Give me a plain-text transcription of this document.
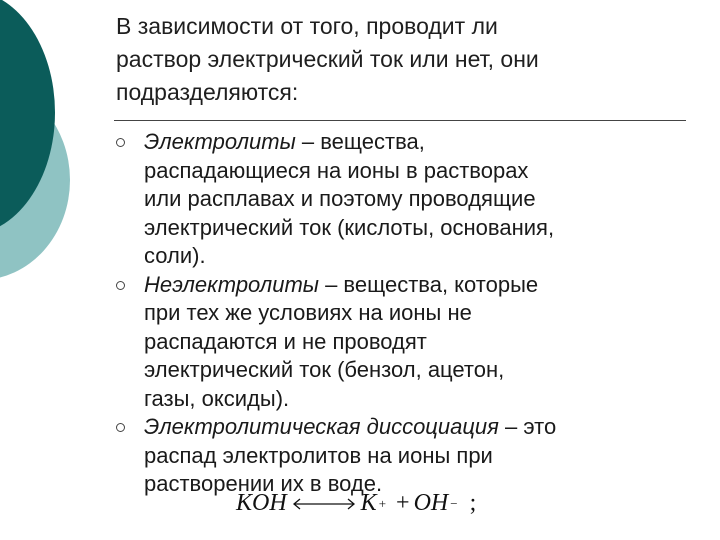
В зависимости от того, проводит ли
раствор электрический ток или нет, они
подразделяются:
Электролиты – вещества,
распадающиеся на ионы в растворах
или расплавах и поэтому проводящие
электрический ток (кислоты, основания,
соли).
Неэлектролиты – вещества, которые
при тех же условиях на ионы не
распадаются и не проводят
электрический ток (бензол, ацетон,
газы, оксиды).
Электролитическая диссоциация – это
распад электролитов на ионы при
растворении их в воде.
KOH	K + + OH − ;
